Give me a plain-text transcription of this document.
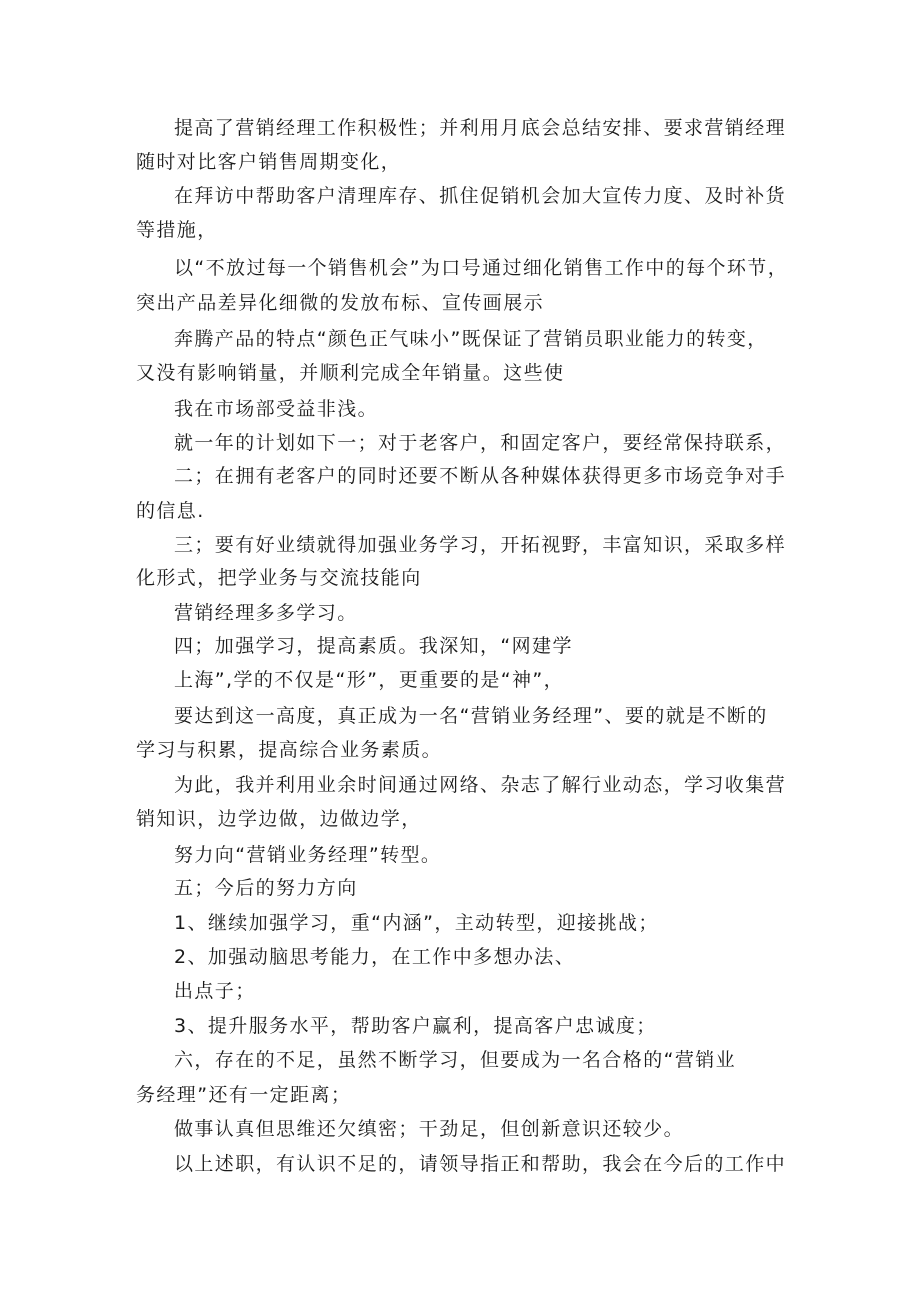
提高了营销经理工作积极性；并利用月底会总结安排、要求营销经理
随时对比客户销售周期变化，
在拜访中帮助客户清理库存、抓住促销机会加大宣传力度、及时补货
等措施，
以“不放过每一个销售机会”为口号通过细化销售工作中的每个环节，
突出产品差异化细微的发放布标、宣传画展示
奔腾产品的特点“颜色正气味小”既保证了营销员职业能力的转变，
又没有影响销量，并顺利完成全年销量。这些使
我在市场部受益非浅。
就一年的计划如下一；对于老客户，和固定客户，要经常保持联系，
二；在拥有老客户的同时还要不断从各种媒体获得更多市场竞争对手
的信息.
三；要有好业绩就得加强业务学习，开拓视野，丰富知识，采取多样
化形式，把学业务与交流技能向
营销经理多多学习。
四；加强学习，提高素质。我深知，“网建学
上海”,学的不仅是“形”，更重要的是“神”，
要达到这一高度，真正成为一名“营销业务经理”、要的就是不断的
学习与积累，提高综合业务素质。
为此，我并利用业余时间通过网络、杂志了解行业动态，学习收集营
销知识，边学边做，边做边学，
努力向“营销业务经理”转型。
五；今后的努力方向
1、继续加强学习，重“内涵”，主动转型，迎接挑战；
2、加强动脑思考能力，在工作中多想办法、
出点子；
3、提升服务水平，帮助客户赢利，提高客户忠诚度；
六，存在的不足，虽然不断学习，但要成为一名合格的“营销业
务经理”还有一定距离；
做事认真但思维还欠缜密；干劲足，但创新意识还较少。
以上述职，有认识不足的，请领导指正和帮助，我会在今后的工作中
